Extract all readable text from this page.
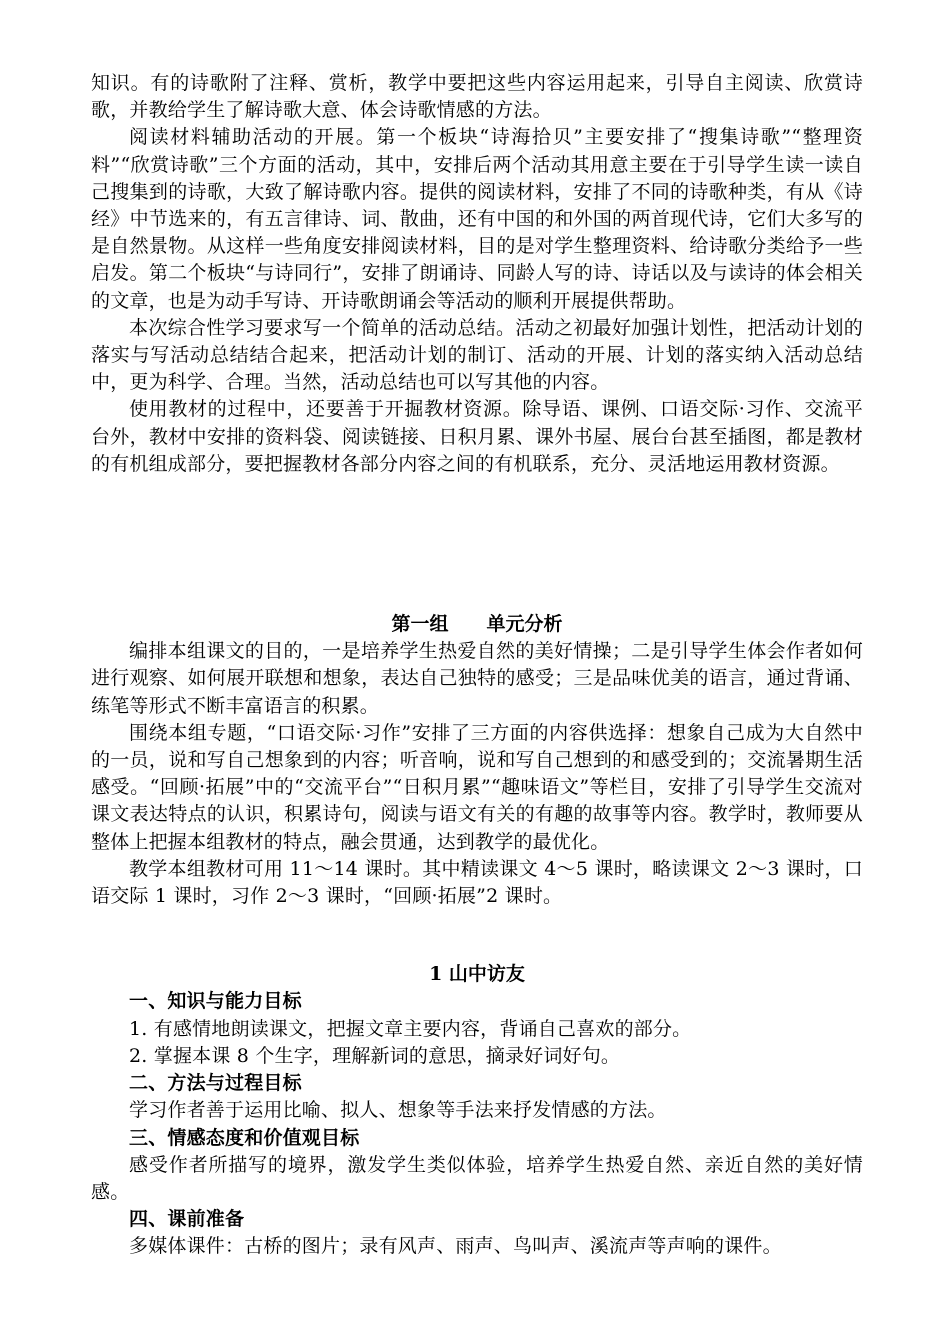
知识。有的诗歌附了注释、赏析，教学中要把这些内容运用起来，引导自主阅读、欣赏诗歌，并教给学生了解诗歌大意、体会诗歌情感的方法。

阅读材料辅助活动的开展。第一个板块“诗海拾贝”主要安排了“搜集诗歌”“整理资料”“欣赏诗歌”三个方面的活动，其中，安排后两个活动其用意主要在于引导学生读一读自己搜集到的诗歌，大致了解诗歌内容。提供的阅读材料，安排了不同的诗歌种类，有从《诗经》中节选来的，有五言律诗、词、散曲，还有中国的和外国的两首现代诗，它们大多写的是自然景物。从这样一些角度安排阅读材料，目的是对学生整理资料、给诗歌分类给予一些启发。第二个板块“与诗同行”，安排了朗诵诗、同龄人写的诗、诗话以及与读诗的体会相关的文章，也是为动手写诗、开诗歌朗诵会等活动的顺利开展提供帮助。

本次综合性学习要求写一个简单的活动总结。活动之初最好加强计划性，把活动计划的落实与写活动总结结合起来，把活动计划的制订、活动的开展、计划的落实纳入活动总结中，更为科学、合理。当然，活动总结也可以写其他的内容。

使用教材的过程中，还要善于开掘教材资源。除导语、课例、口语交际·习作、交流平台外，教材中安排的资料袋、阅读链接、日积月累、课外书屋、展台台甚至插图，都是教材的有机组成部分，要把握教材各部分内容之间的有机联系，充分、灵活地运用教材资源。

第一组　　单元分析

编排本组课文的目的，一是培养学生热爱自然的美好情操；二是引导学生体会作者如何进行观察、如何展开联想和想象，表达自己独特的感受；三是品味优美的语言，通过背诵、练笔等形式不断丰富语言的积累。

围绕本组专题，“口语交际·习作”安排了三方面的内容供选择：想象自己成为大自然中的一员，说和写自己想象到的内容；听音响，说和写自己想到的和感受到的；交流暑期生活感受。“回顾·拓展”中的“交流平台”“日积月累”“趣味语文”等栏目，安排了引导学生交流对课文表达特点的认识，积累诗句，阅读与语文有关的有趣的故事等内容。教学时，教师要从整体上把握本组教材的特点，融会贯通，达到教学的最优化。

教学本组教材可用 11～14 课时。其中精读课文 4～5 课时，略读课文 2～3 课时，口语交际 1 课时，习作 2～3 课时，“回顾·拓展”2 课时。

1 山中访友

一、知识与能力目标

1. 有感情地朗读课文，把握文章主要内容，背诵自己喜欢的部分。

2. 掌握本课 8 个生字，理解新词的意思，摘录好词好句。

二、方法与过程目标

学习作者善于运用比喻、拟人、想象等手法来抒发情感的方法。

三、情感态度和价值观目标

感受作者所描写的境界，激发学生类似体验，培养学生热爱自然、亲近自然的美好情感。

四、课前准备

多媒体课件：古桥的图片；录有风声、雨声、鸟叫声、溪流声等声响的课件。
